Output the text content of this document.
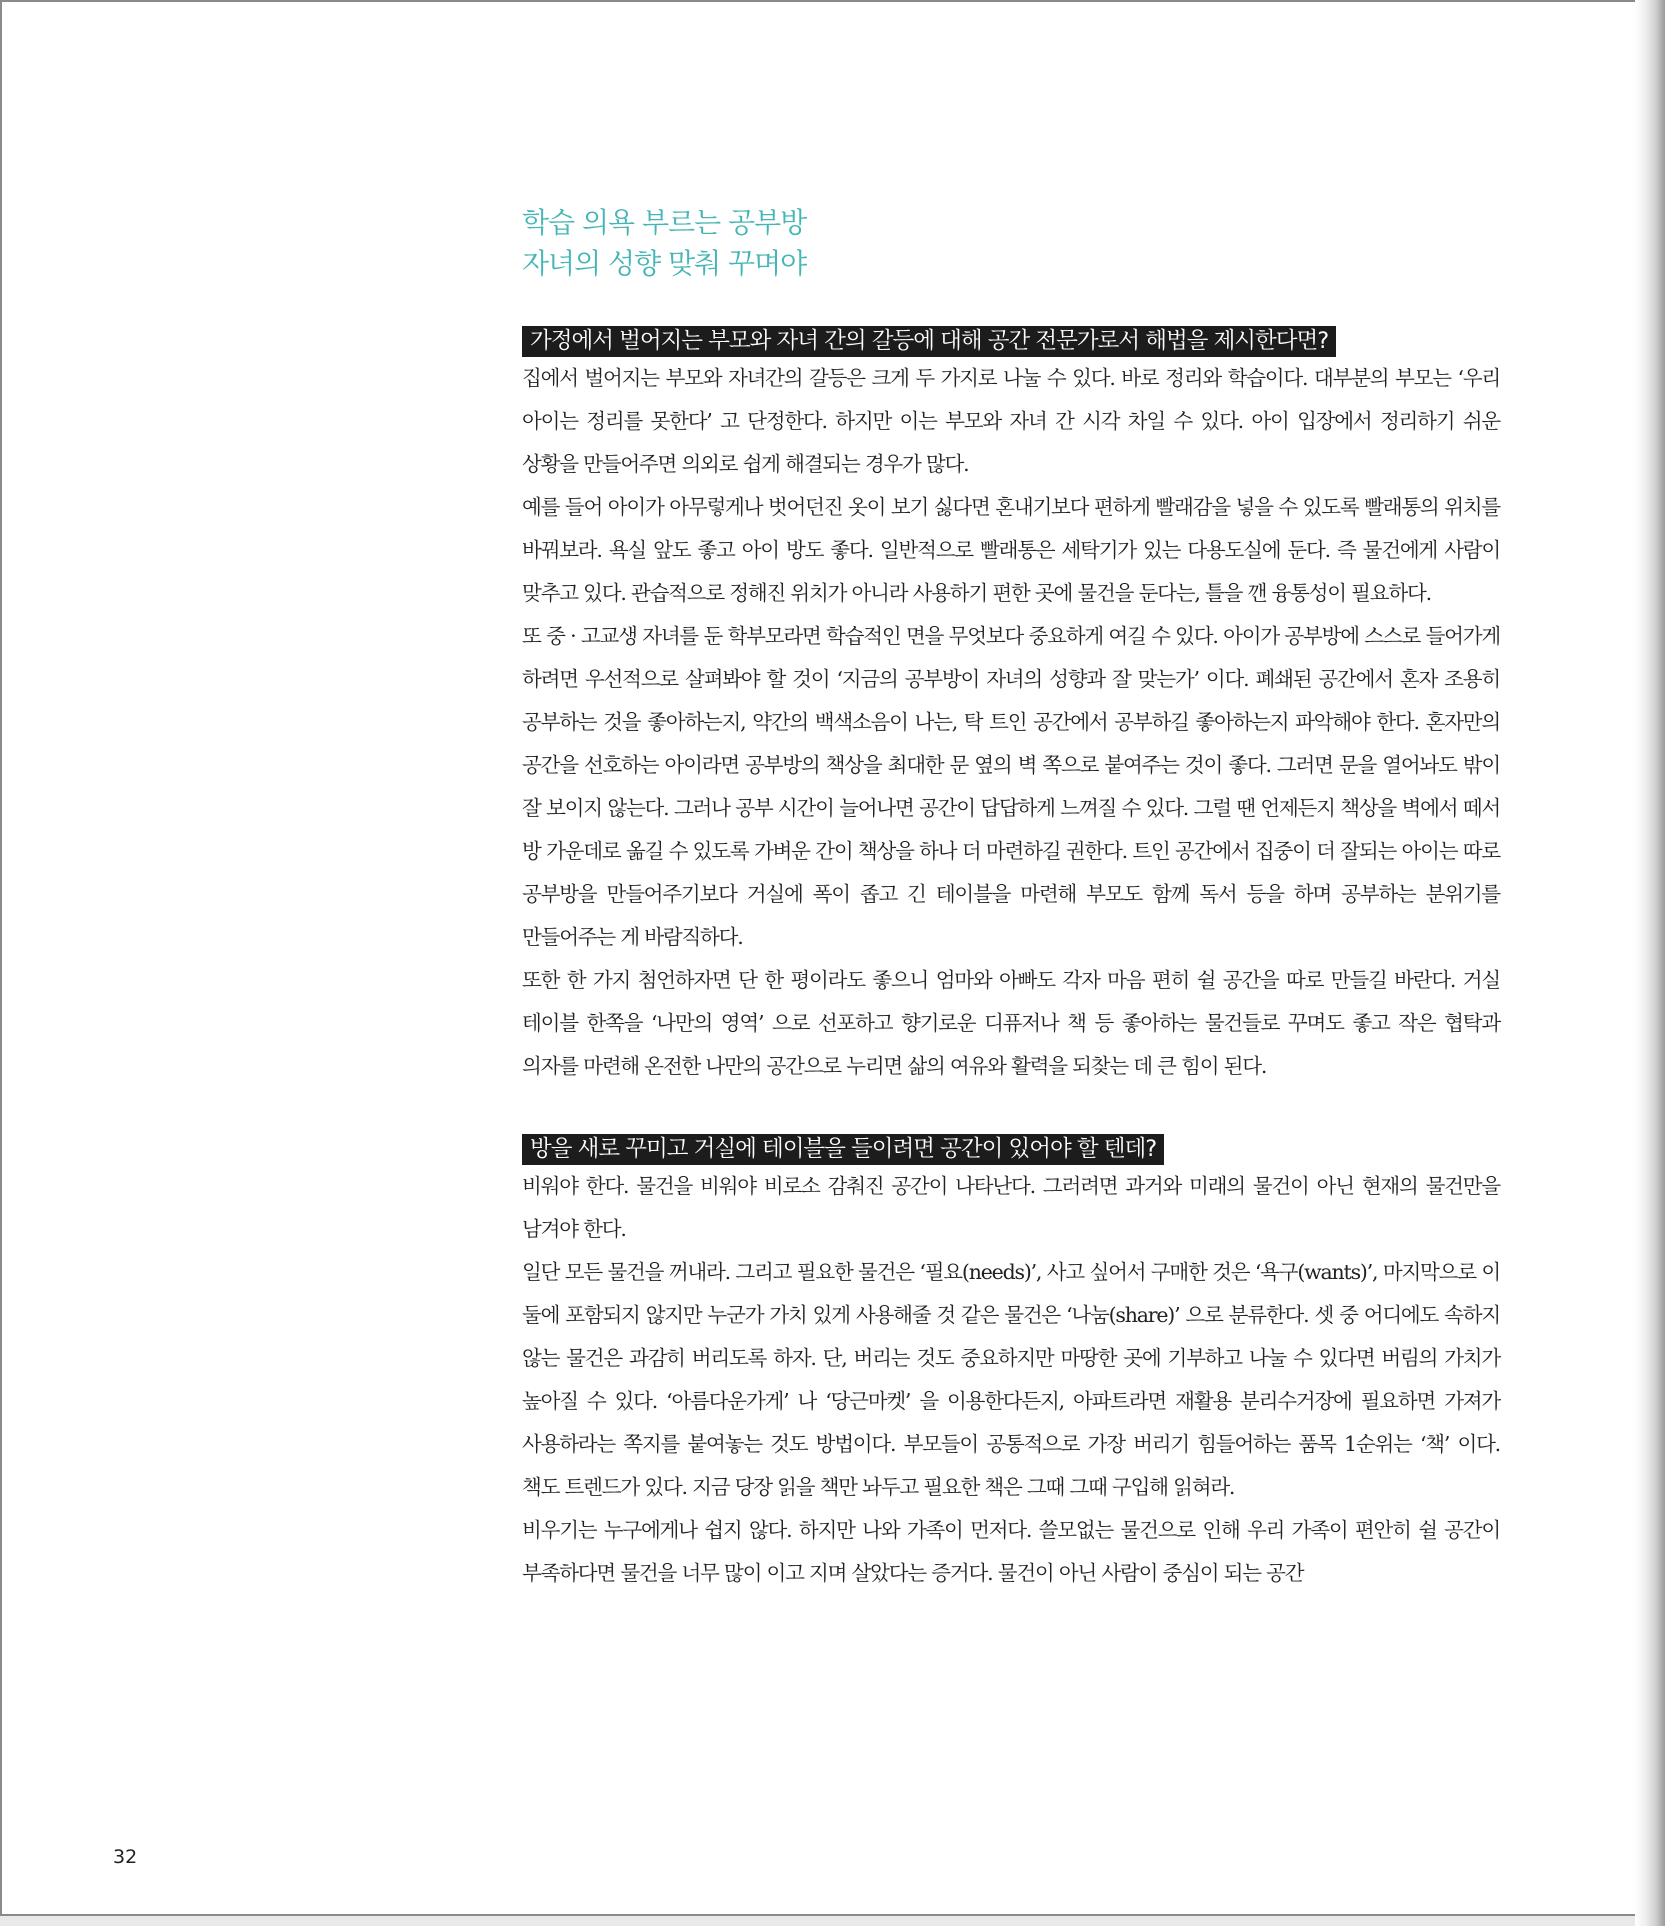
학습 의욕 부르는 공부방
자녀의 성향 맞춰 꾸며야
가정에서 벌어지는 부모와 자녀 간의 갈등에 대해 공간 전문가로서 해법을 제시한다면?

집에서 벌어지는 부모와 자녀간의 갈등은 크게 두 가지로 나눌 수 있다. 바로 정리와 학습이다. 대부분의 부모는 ‘우리 아이는 정리를 못한다’ 고 단정한다. 하지만 이는 부모와 자녀 간 시각 차일 수 있다. 아이 입장에서 정리하기 쉬운 상황을 만들어주면 의외로 쉽게 해결되는 경우가 많다.

예를 들어 아이가 아무렇게나 벗어던진 옷이 보기 싫다면 혼내기보다 편하게 빨래감을 넣을 수 있도록 빨래통의 위치를 바꿔보라. 욕실 앞도 좋고 아이 방도 좋다. 일반적으로 빨래통은 세탁기가 있는 다용도실에 둔다. 즉 물건에게 사람이 맞추고 있다. 관습적으로 정해진 위치가 아니라 사용하기 편한 곳에 물건을 둔다는, 틀을 깬 융통성이 필요하다.

또 중 · 고교생 자녀를 둔 학부모라면 학습적인 면을 무엇보다 중요하게 여길 수 있다. 아이가 공부방에 스스로 들어가게 하려면 우선적으로 살펴봐야 할 것이 ‘지금의 공부방이 자녀의 성향과 잘 맞는가’ 이다. 폐쇄된 공간에서 혼자 조용히 공부하는 것을 좋아하는지, 약간의 백색소음이 나는, 탁 트인 공간에서 공부하길 좋아하는지 파악해야 한다. 혼자만의 공간을 선호하는 아이라면 공부방의 책상을 최대한 문 옆의 벽 쪽으로 붙여주는 것이 좋다. 그러면 문을 열어놔도 밖이 잘 보이지 않는다. 그러나 공부 시간이 늘어나면 공간이 답답하게 느껴질 수 있다. 그럴 땐 언제든지 책상을 벽에서 떼서 방 가운데로 옮길 수 있도록 가벼운 간이 책상을 하나 더 마련하길 권한다. 트인 공간에서 집중이 더 잘되는 아이는 따로 공부방을 만들어주기보다 거실에 폭이 좁고 긴 테이블을 마련해 부모도 함께 독서 등을 하며 공부하는 분위기를 만들어주는 게 바람직하다.

또한 한 가지 첨언하자면 단 한 평이라도 좋으니 엄마와 아빠도 각자 마음 편히 쉴 공간을 따로 만들길 바란다. 거실 테이블 한쪽을 ‘나만의 영역’ 으로 선포하고 향기로운 디퓨저나 책 등 좋아하는 물건들로 꾸며도 좋고 작은 협탁과 의자를 마련해 온전한 나만의 공간으로 누리면 삶의 여유와 활력을 되찾는 데 큰 힘이 된다.

방을 새로 꾸미고 거실에 테이블을 들이려면 공간이 있어야 할 텐데?

비워야 한다. 물건을 비워야 비로소 감춰진 공간이 나타난다. 그러려면 과거와 미래의 물건이 아닌 현재의 물건만을 남겨야 한다.

일단 모든 물건을 꺼내라. 그리고 필요한 물건은 ‘필요(needs)’, 사고 싶어서 구매한 것은 ‘욕구(wants)’, 마지막으로 이 둘에 포함되지 않지만 누군가 가치 있게 사용해줄 것 같은 물건은 ‘나눔(share)’ 으로 분류한다. 셋 중 어디에도 속하지 않는 물건은 과감히 버리도록 하자. 단, 버리는 것도 중요하지만 마땅한 곳에 기부하고 나눌 수 있다면 버림의 가치가 높아질 수 있다. ‘아름다운가게’ 나 ‘당근마켓’ 을 이용한다든지, 아파트라면 재활용 분리수거장에 필요하면 가져가 사용하라는 쪽지를 붙여놓는 것도 방법이다. 부모들이 공통적으로 가장 버리기 힘들어하는 품목 1순위는 ‘책’ 이다. 책도 트렌드가 있다. 지금 당장 읽을 책만 놔두고 필요한 책은 그때 그때 구입해 읽혀라.

비우기는 누구에게나 쉽지 않다. 하지만 나와 가족이 먼저다. 쓸모없는 물건으로 인해 우리 가족이 편안히 쉴 공간이 부족하다면 물건을 너무 많이 이고 지며 살았다는 증거다. 물건이 아닌 사람이 중심이 되는 공간

32
